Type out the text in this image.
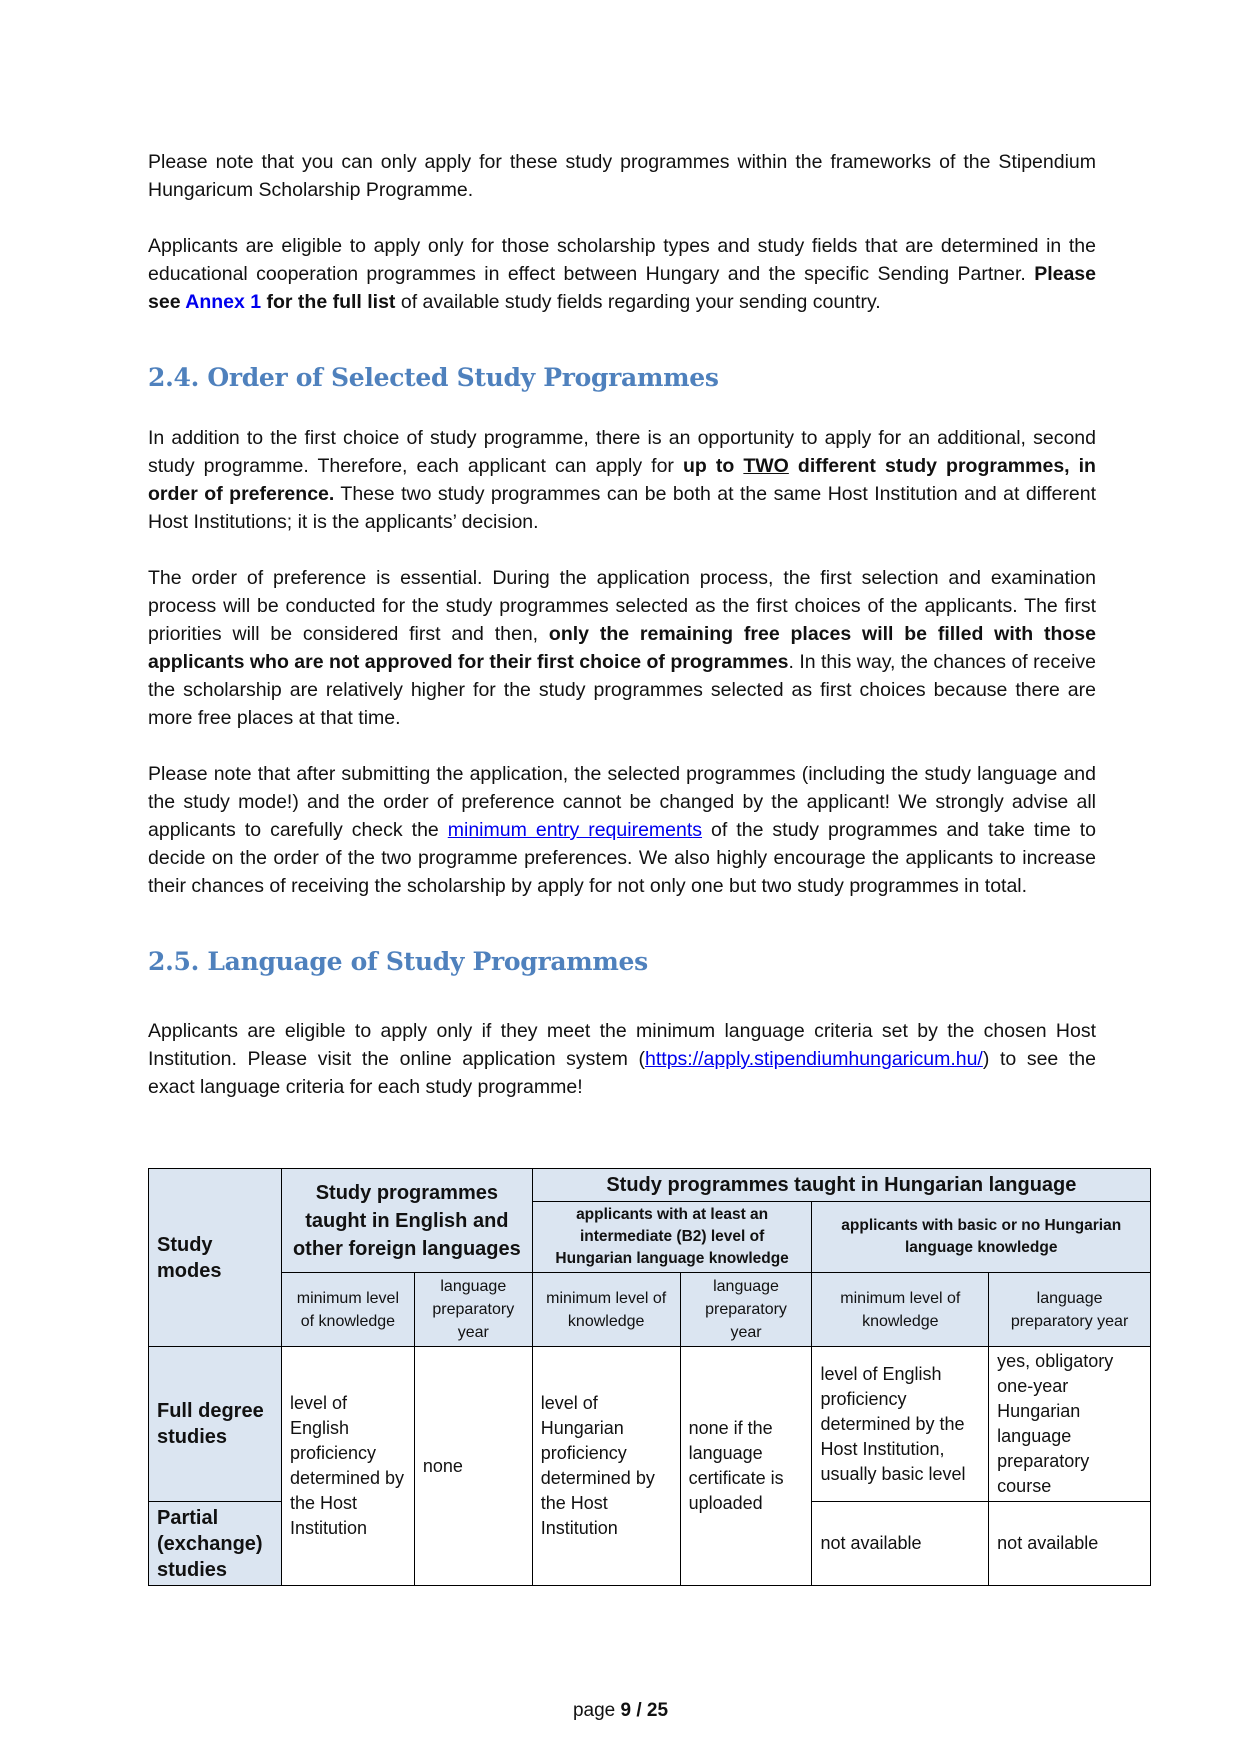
Please note that you can only apply for these study programmes within the frameworks of the Stipendium Hungaricum Scholarship Programme.

Applicants are eligible to apply only for those scholarship types and study fields that are determined in the educational cooperation programmes in effect between Hungary and the specific Sending Partner. Please see Annex 1 for the full list of available study fields regarding your sending country.

2.4. Order of Selected Study Programmes

In addition to the first choice of study programme, there is an opportunity to apply for an additional, second study programme. Therefore, each applicant can apply for up to TWO different study programmes, in order of preference. These two study programmes can be both at the same Host Institution and at different Host Institutions; it is the applicants’ decision.

The order of preference is essential. During the application process, the first selection and examination process will be conducted for the study programmes selected as the first choices of the applicants. The first priorities will be considered first and then, only the remaining free places will be filled with those applicants who are not approved for their first choice of programmes. In this way, the chances of receive the scholarship are relatively higher for the study programmes selected as first choices because there are more free places at that time.

Please note that after submitting the application, the selected programmes (including the study language and the study mode!) and the order of preference cannot be changed by the applicant! We strongly advise all applicants to carefully check the minimum entry requirements of the study programmes and take time to decide on the order of the two programme preferences. We also highly encourage the applicants to increase their chances of receiving the scholarship by apply for not only one but two study programmes in total.

2.5. Language of Study Programmes

Applicants are eligible to apply only if they meet the minimum language criteria set by the chosen Host Institution. Please visit the online application system (https://apply.stipendiumhungaricum.hu/) to see the exact language criteria for each study programme!

Study modes	Study programmes taught in English and other foreign languages		Study programmes taught in Hungarian language			
			applicants with at least an intermediate (B2) level of Hungarian language knowledge		applicants with basic or no Hungarian language knowledge	
	minimum level of knowledge	language preparatory year	minimum level of knowledge	language preparatory year	minimum level of knowledge	language preparatory year
Full degree studies	level of English proficiency determined by the Host Institution	none	level of Hungarian proficiency determined by the Host Institution	none if the language certificate is uploaded	level of English proficiency determined by the Host Institution, usually basic level	yes, obligatory one-year Hungarian language preparatory course
Partial (exchange) studies					not available	not available
page 9 / 25
